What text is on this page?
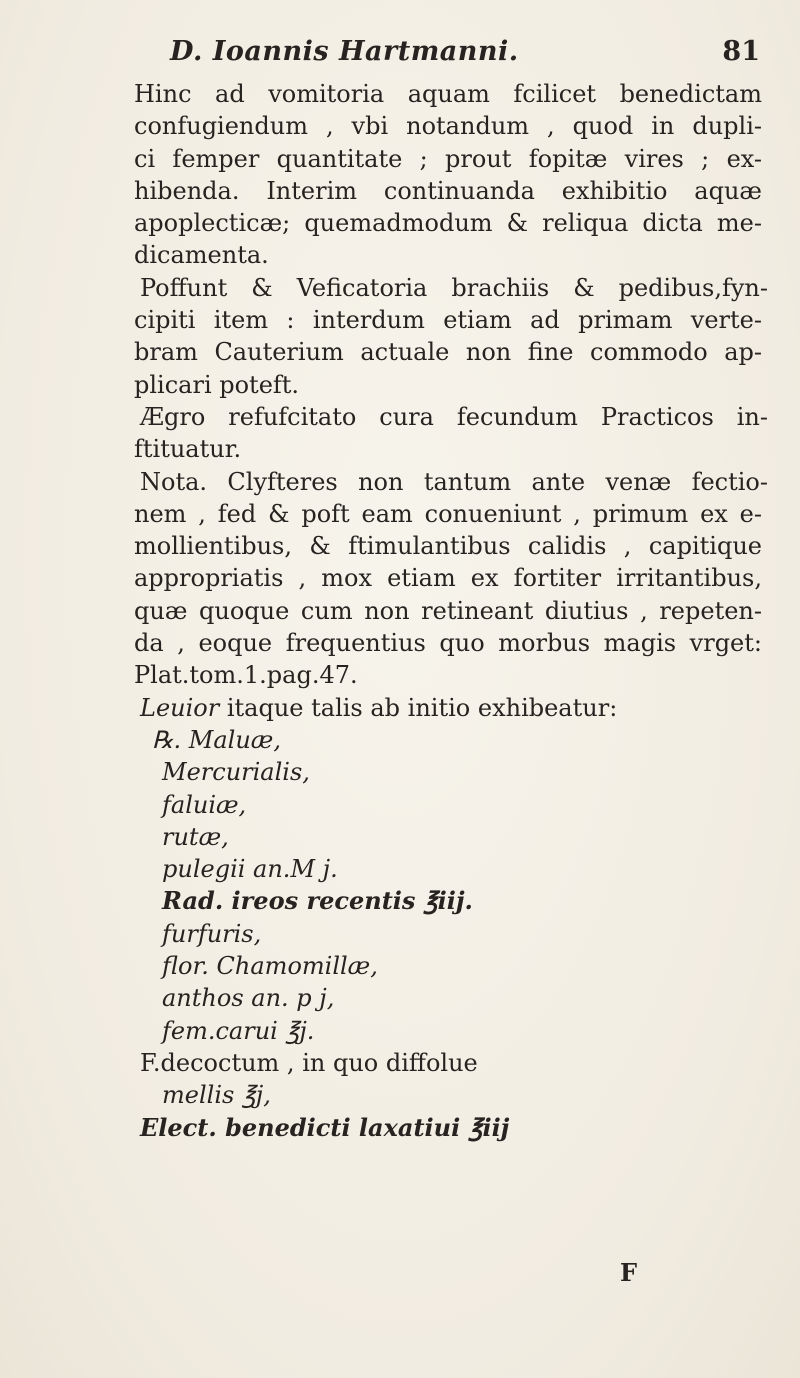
D. Ioannis Hartmanni.	81
Hinc ad vomitoria aquam fcilicet benedictam
confugiendum , vbi notandum , quod in dupli-
ci femper quantitate ; prout fopitæ vires ; ex-
hibenda. Interim continuanda exhibitio aquæ
apoplecticæ; quemadmodum & reliqua dicta me-
dicamenta.
Poffunt & Veficatoria brachiis & pedibus,fyn-
cipiti item : interdum etiam ad primam verte-
bram Cauterium actuale non fine commodo ap-
plicari poteft.
Ægro refufcitato cura fecundum Practicos in-
ftituatur.
Nota. Clyfteres non tantum ante venæ fectio-
nem , fed & poft eam conueniunt , primum ex e-
mollientibus, & ftimulantibus calidis , capitique
appropriatis , mox etiam ex fortiter irritantibus,
quæ quoque cum non retineant diutius , repeten-
da , eoque frequentius quo morbus magis vrget:
Plat.tom.1.pag.47.
Leuior itaque talis ab initio exhibeatur:
℞. Maluæ,
Mercurialis,
faluiæ,
rutæ,
pulegii an.M j.
Rad. ireos recentis ℥iij.
furfuris,
flor. Chamomillæ,
anthos an. p j,
fem.carui ℥j.
F.decoctum , in quo diffolue
mellis ℥j,
Elect. benedicti laxatiui ℥iij
F
